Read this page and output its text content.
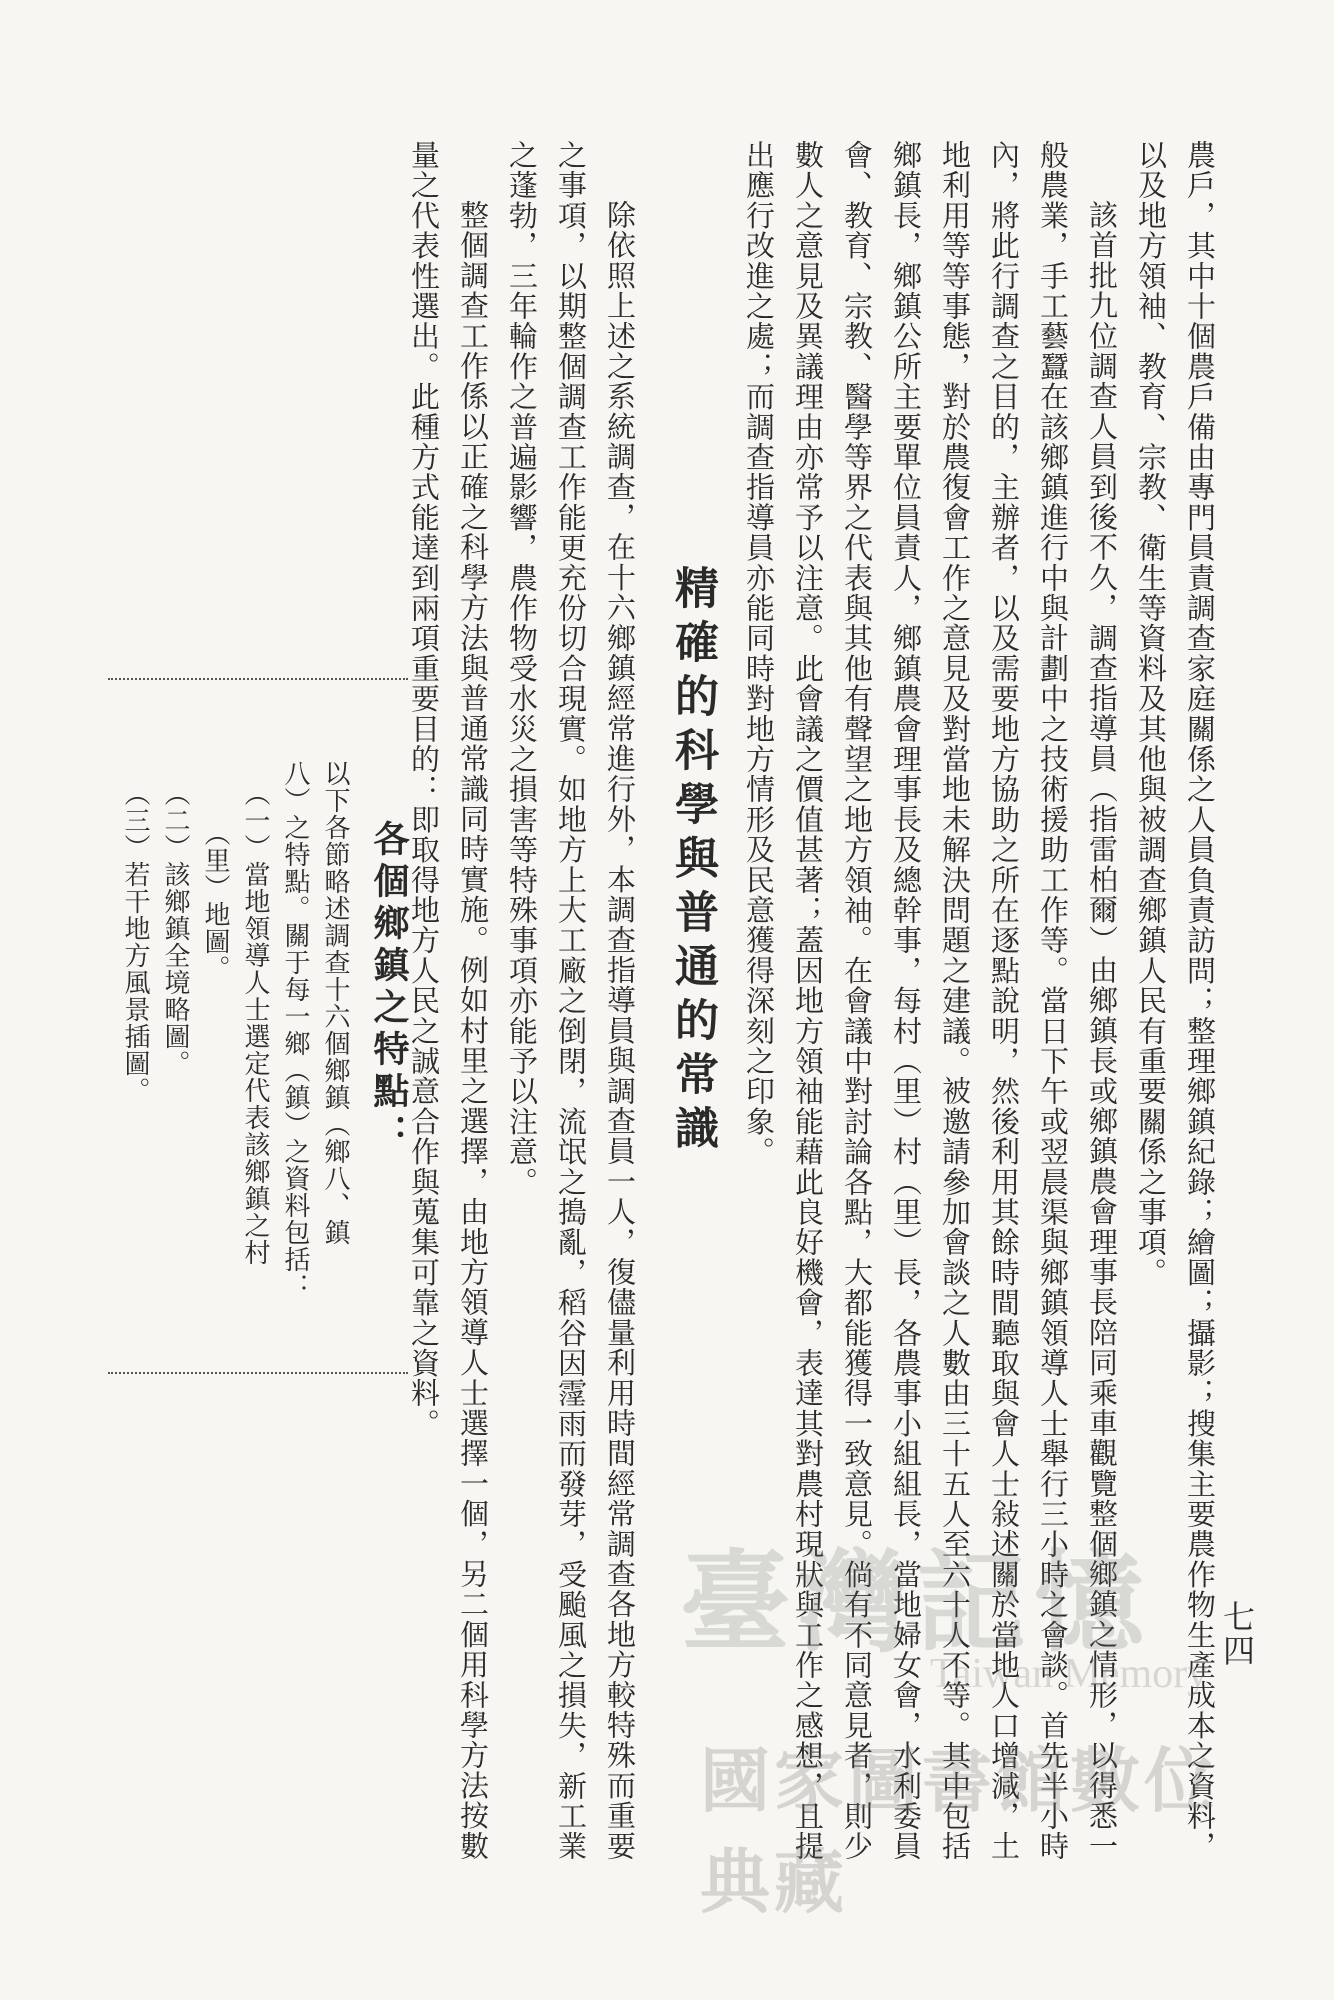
七四
農戶，其中十個農戶備由專門員責調查家庭關係之人員負責訪問；整理鄉鎮紀錄；繪圖；攝影；搜集主要農作物生產成本之資料，
以及地方領袖、教育、宗教、衛生等資料及其他與被調查鄉鎮人民有重要關係之事項。
該首批九位調查人員到後不久，調查指導員（指雷柏爾）由鄉鎮長或鄉鎮農會理事長陪同乘車觀覽整個鄉鎮之情形，以得悉一
般農業，手工藝蠶在該鄉鎮進行中與計劃中之技術援助工作等。當日下午或翌晨渠與鄉鎮領導人士舉行三小時之會談。首先半小時
內，將此行調查之目的，主辦者，以及需要地方協助之所在逐點說明，然後利用其餘時間聽取與會人士敍述關於當地人口增減，土
地利用等等事態，對於農復會工作之意見及對當地未解決問題之建議。被邀請參加會談之人數由三十五人至六十人不等。其中包括
鄉鎮長，鄉鎮公所主要單位員責人，鄉鎮農會理事長及總幹事，每村（里）村（里）長，各農事小組組長，當地婦女會，水利委員
會、教育、宗教、醫學等界之代表與其他有聲望之地方領袖。在會議中對討論各點，大都能獲得一致意見。倘有不同意見者，則少
數人之意見及異議理由亦常予以注意。此會議之價值甚著；蓋因地方領袖能藉此良好機會，表達其對農村現狀與工作之感想，且提
出應行改進之處；而調查指導員亦能同時對地方情形及民意獲得深刻之印象。
精確的科學與普通的常識
除依照上述之系統調查，在十六鄉鎮經常進行外，本調查指導員與調查員一人，復儘量利用時間經常調查各地方較特殊而重要
之事項，以期整個調查工作能更充份切合現實。如地方上大工廠之倒閉，流氓之搗亂，稻谷因霪雨而發芽，受颱風之損失，新工業
之蓬勃，三年輪作之普遍影響，農作物受水災之損害等特殊事項亦能予以注意。
整個調查工作係以正確之科學方法與普通常識同時實施。例如村里之選擇，由地方領導人士選擇一個，另二個用科學方法按數
量之代表性選出。此種方式能達到兩項重要目的：即取得地方人民之誠意合作與蒐集可靠之資料。
各個鄉鎮之特點：
以下各節略述調查十六個鄉鎮（鄉八、鎮
八）之特點。關于每一鄉（鎮）之資料包括：
（一）當地領導人士選定代表該鄉鎮之村
（里）地圖。
（二）該鄉鎮全境略圖。
（三）若干地方風景插圖。
臺灣記憶
Taiwan Memory
國家圖書館數位典藏
